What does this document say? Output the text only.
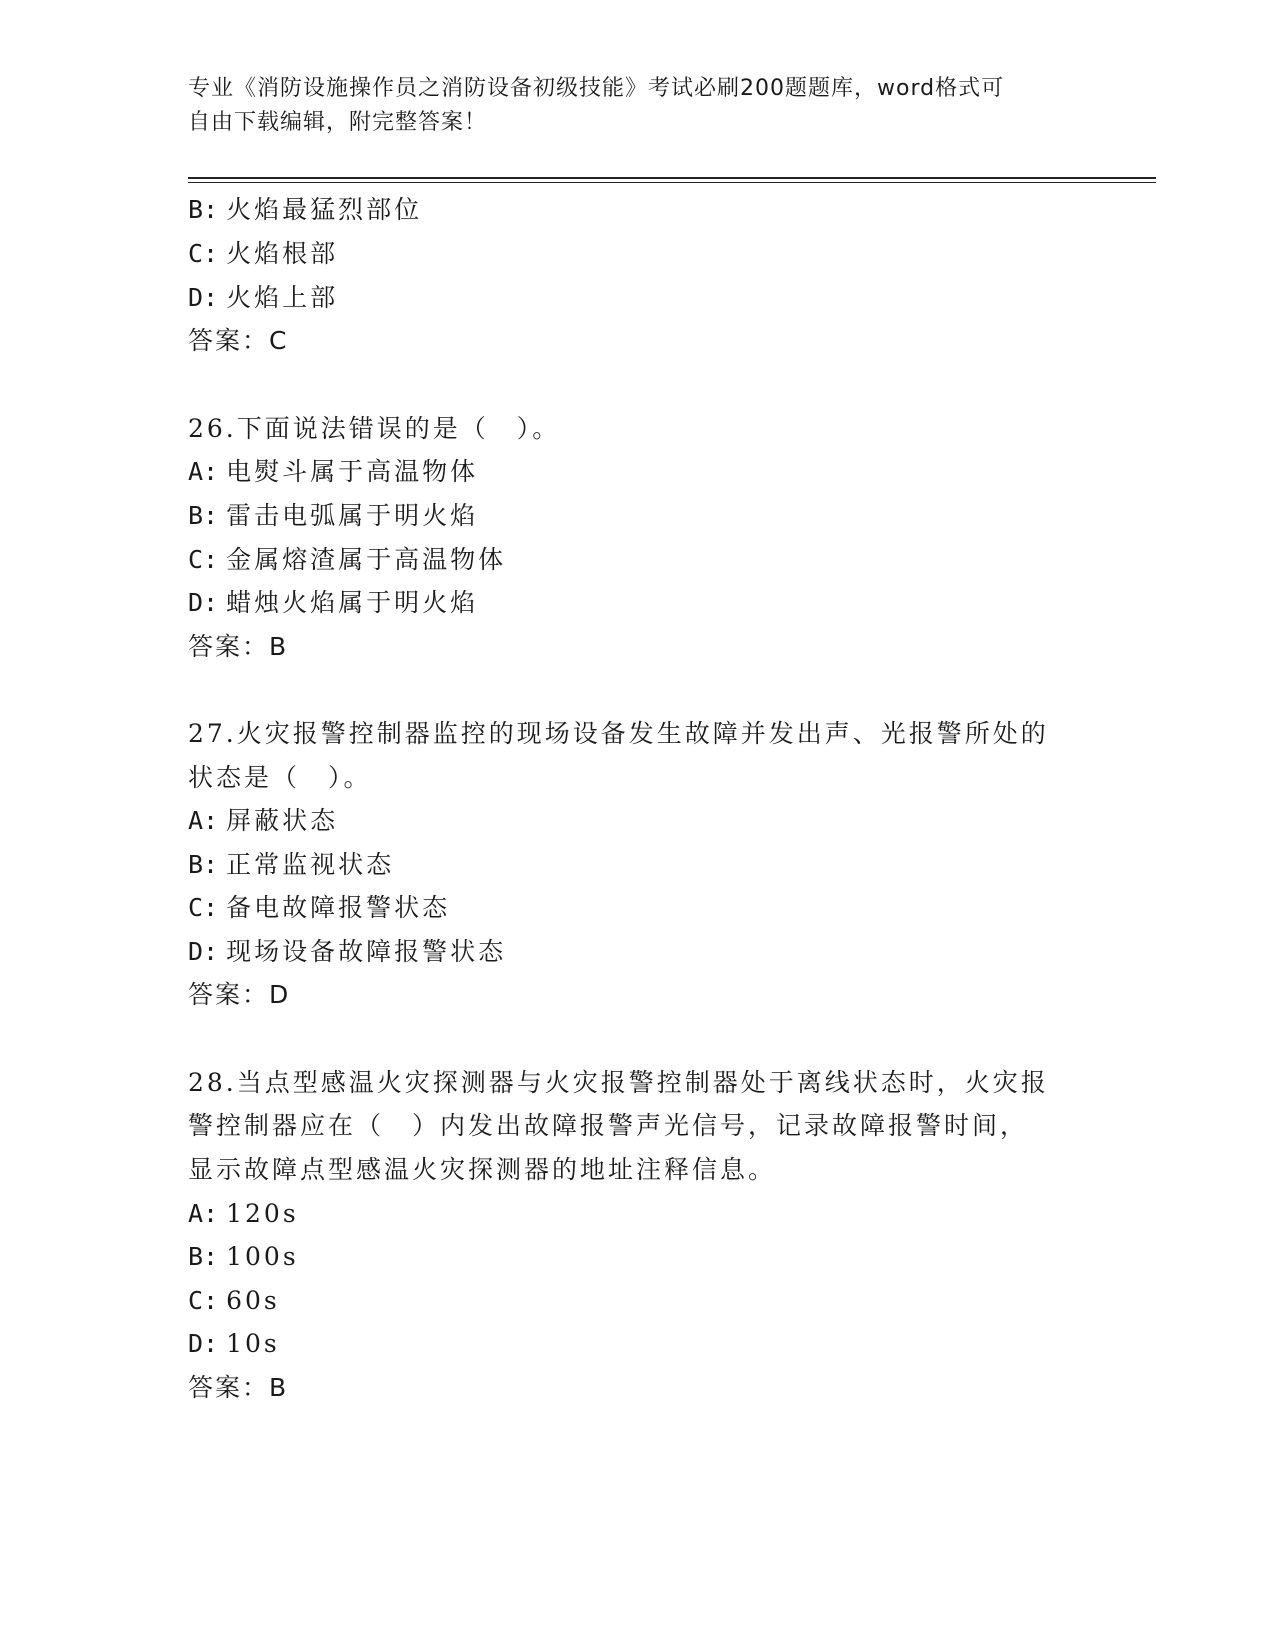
专业《消防设施操作员之消防设备初级技能》考试必刷200题题库，word格式可
自由下载编辑，附完整答案！
B: 火焰最猛烈部位
C: 火焰根部
D: 火焰上部
答案：C
26.下面说法错误的是（　）。
A: 电熨斗属于高温物体
B: 雷击电弧属于明火焰
C: 金属熔渣属于高温物体
D: 蜡烛火焰属于明火焰
答案：B
27.火灾报警控制器监控的现场设备发生故障并发出声、光报警所处的
状态是（　）。
A: 屏蔽状态
B: 正常监视状态
C: 备电故障报警状态
D: 现场设备故障报警状态
答案：D
28.当点型感温火灾探测器与火灾报警控制器处于离线状态时，火灾报
警控制器应在（　）内发出故障报警声光信号，记录故障报警时间，
显示故障点型感温火灾探测器的地址注释信息。
A: 120s
B: 100s
C: 60s
D: 10s
答案：B
